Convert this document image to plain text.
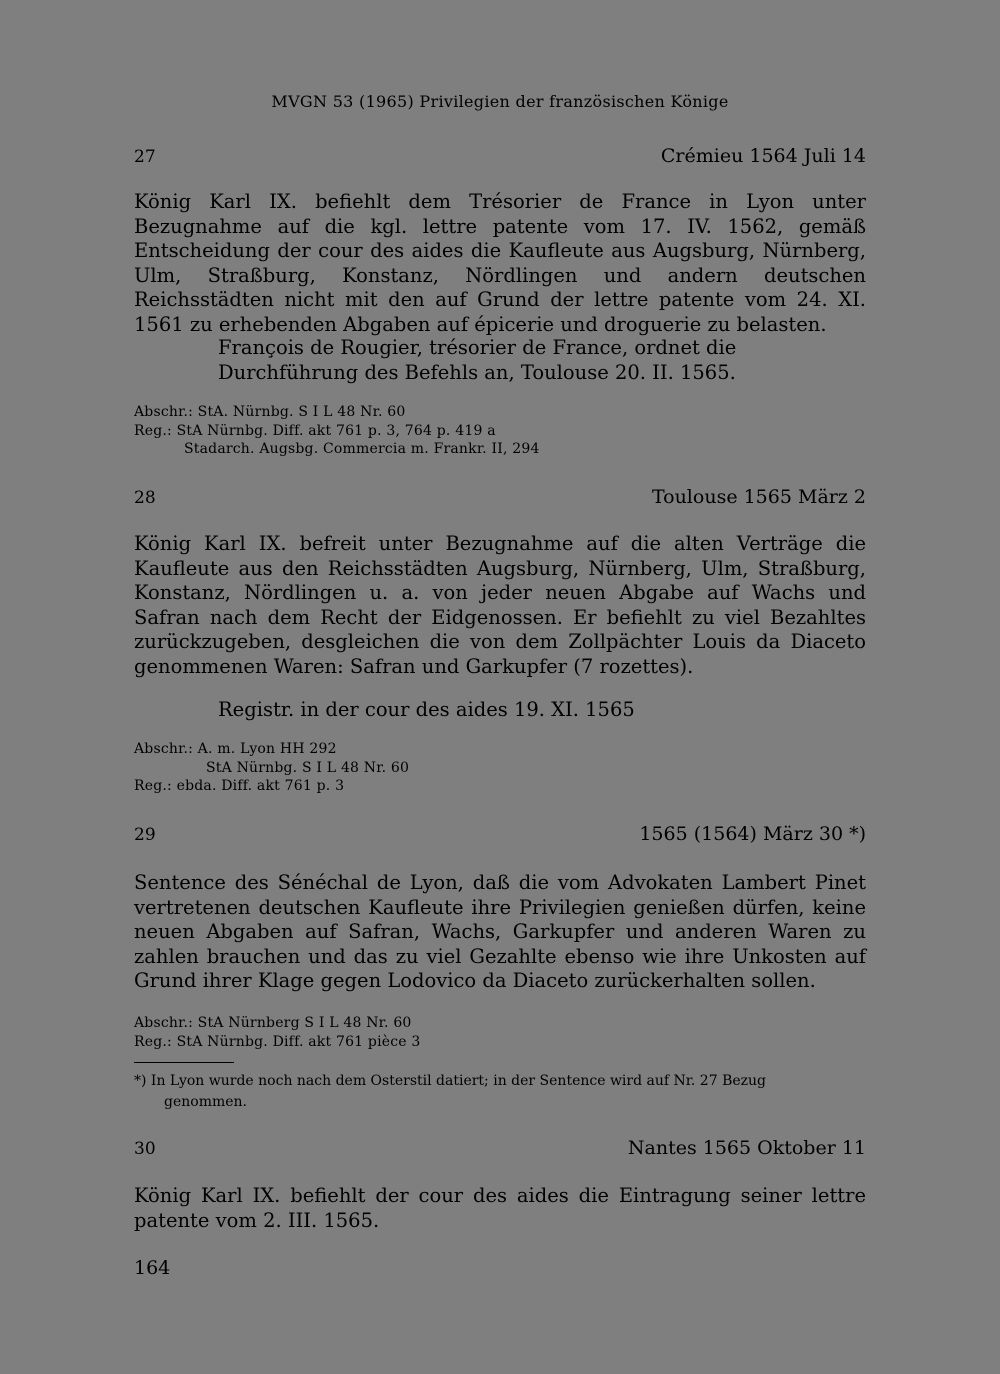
MVGN 53 (1965) Privilegien der französischen Könige
27	Crémieu 1564 Juli 14
König Karl IX. befiehlt dem Trésorier de France in Lyon unter Bezugnahme auf die kgl. lettre patente vom 17. IV. 1562, gemäß Entscheidung der cour des aides die Kaufleute aus Augsburg, Nürnberg, Ulm, Straßburg, Konstanz, Nördlingen und andern deutschen Reichsstädten nicht mit den auf Grund der lettre patente vom 24. XI. 1561 zu erhebenden Abgaben auf épicerie und droguerie zu belasten.
François de Rougier, trésorier de France, ordnet die Durchführung des Befehls an, Toulouse 20. II. 1565.
Abschr.: StA. Nürnbg. S I L 48 Nr. 60
Reg.: StA Nürnbg. Diff. akt 761 p. 3, 764 p. 419 a
Stadarch. Augsbg. Commercia m. Frankr. II, 294
28	Toulouse 1565 März 2
König Karl IX. befreit unter Bezugnahme auf die alten Verträge die Kaufleute aus den Reichsstädten Augsburg, Nürnberg, Ulm, Straßburg, Konstanz, Nördlingen u. a. von jeder neuen Abgabe auf Wachs und Safran nach dem Recht der Eidgenossen. Er befiehlt zu viel Bezahltes zurückzugeben, desgleichen die von dem Zollpächter Louis da Diaceto genommenen Waren: Safran und Garkupfer (7 rozettes).
Registr. in der cour des aides 19. XI. 1565
Abschr.: A. m. Lyon HH 292
StA Nürnbg. S I L 48 Nr. 60
Reg.: ebda. Diff. akt 761 p. 3
29	1565 (1564) März 30 *)
Sentence des Sénéchal de Lyon, daß die vom Advokaten Lambert Pinet vertretenen deutschen Kaufleute ihre Privilegien genießen dürfen, keine neuen Abgaben auf Safran, Wachs, Garkupfer und anderen Waren zu zahlen brauchen und das zu viel Gezahlte ebenso wie ihre Unkosten auf Grund ihrer Klage gegen Lodovico da Diaceto zurückerhalten sollen.
Abschr.: StA Nürnberg S I L 48 Nr. 60
Reg.: StA Nürnbg. Diff. akt 761 pièce 3
*) In Lyon wurde noch nach dem Osterstil datiert; in der Sentence wird auf Nr. 27 Bezug
genommen.
30	Nantes 1565 Oktober 11
König Karl IX. befiehlt der cour des aides die Eintragung seiner lettre patente vom 2. III. 1565.
164
